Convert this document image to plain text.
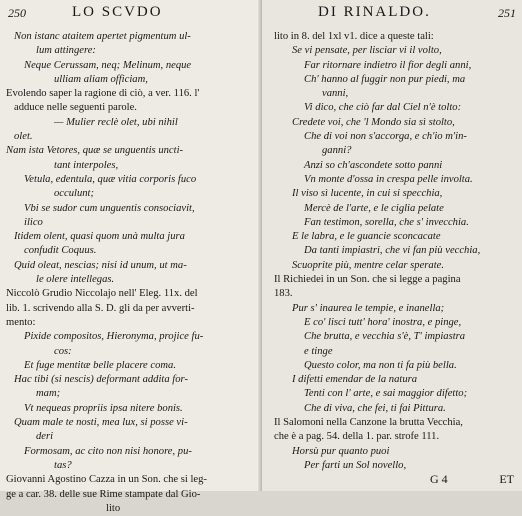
250	LO SCVDO
Non istanc ataitem apertet pigmentum ul-
lum attingere:
Neque Cerussam, neq; Melinum, neque
ulliam aliam officiam,
Evolendo saper la ragione di ciò, a ver. 116. l'
adduce nelle seguenti parole.
— Mulier reclè olet, ubi nihil
olet.
Nam ista Vetores, quæ se unguentis uncti-
tant interpoles,
Vetula, edentula, quæ vitia corporis fuco
occulunt;
Vbi se sudor cum unguentis consociavit,
ilico
Itidem olent, quasi quom unà multa jura
confudit Coquus.
Quid oleat, nescias; nisi id unum, ut ma-
le olere intellegas.
Niccolò Grudio Niccolajo nell' Eleg. 11x. del
lib. 1. scrivendo alla S. D. gli da per avverti-
mento:
Pixide compositos, Hieronyma, projice fu-
cos:
Et fuge mentitæ belle placere coma.
Hac tibi (si nescis) deformant addita for-
mam;
Vt nequeas propriis ipsa nitere bonis.
Quam male te nosti, mea lux, si posse vi-
deri
Formosam, ac cito non nisi honore, pu-
tas?
Giovanni Agostino Cazza in un Son. che si leg-
ge a car. 38. delle sue Rime stampate dal Gio-
lito
DI RINALDO.	251
lito in 8. del 1xl v1. dice a queste tali:
Se vi pensate, per lisciar vi il volto,
Far ritornare indietro il fior degli anni,
Ch' hanno al fuggir non pur piedi, ma
vanni,
Vi dico, che ciò far dal Ciel n'è tolto:
Credete voi, che 'l Mondo sia sì stolto,
Che di voi non s'accorga, e ch'io m'in-
ganni?
Anzi so ch'ascondete sotto panni
Vn monte d'ossa in crespa pelle involta.
Il viso sì lucente, in cui si specchia,
Mercè de l'arte, e le ciglia pelate
Fan testimon, sorella, che s' invecchia.
E le labra, e le guancie sconcacate
Da tanti impiastri, che vi fan più vecchia,
Scuoprite più, mentre celar sperate.
Il Richiedei in un Son. che si legge a pagina
183.
Pur s' inaurea le tempie, e inanella;
E co' lisci tutt' hora' inostra, e pinge,
Che brutta, e vecchia s'è, T' impiastra
e tinge
Questo color, ma non ti fa più bella.
I difetti emendar de la natura
Tenti con l' arte, e sai maggior difetto;
Che di viva, che fei, ti fai Pittura.
Il Salomoni nella Canzone la brutta Vecchia,
che è a pag. 54. della 1. par. strofe 111.
Horsù pur quanto puoi
Per farti un Sol novello,
G 4	ET
